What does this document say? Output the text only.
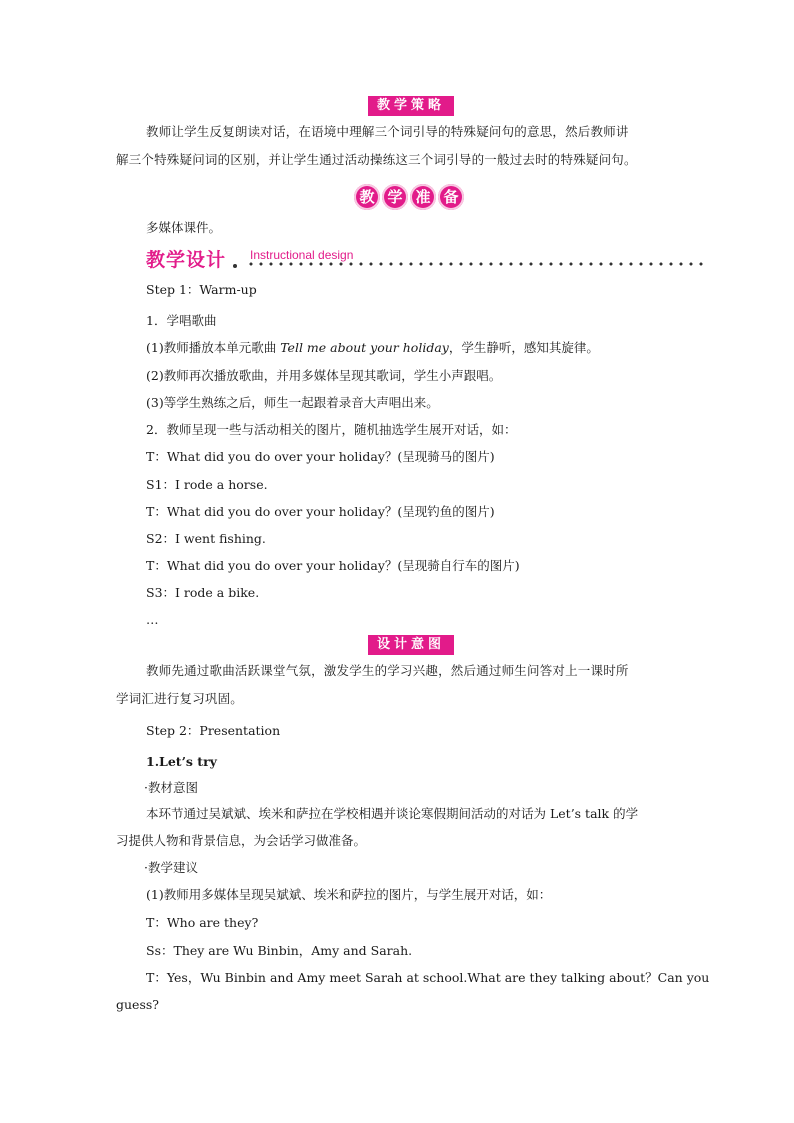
教学策略
教师让学生反复朗读对话，在语境中理解三个词引导的特殊疑问句的意思，然后教师讲
解三个特殊疑问词的区别，并让学生通过活动操练这三个词引导的一般过去时的特殊疑问句。
教 学 准 备
多媒体课件。
教学设计 Instructional design
Step 1：Warm-up
1．学唱歌曲
(1)教师播放本单元歌曲 Tell me about your holiday，学生静听，感知其旋律。
(2)教师再次播放歌曲，并用多媒体呈现其歌词，学生小声跟唱。
(3)等学生熟练之后，师生一起跟着录音大声唱出来。
2．教师呈现一些与活动相关的图片，随机抽选学生展开对话，如：
T：What did you do over your holiday？(呈现骑马的图片)
S1：I rode a horse.
T：What did you do over your holiday？(呈现钓鱼的图片)
S2：I went fishing.
T：What did you do over your holiday？(呈现骑自行车的图片)
S3：I rode a bike.
…
设计意图
教师先通过歌曲活跃课堂气氛，激发学生的学习兴趣，然后通过师生问答对上一课时所
学词汇进行复习巩固。
Step 2：Presentation
1.Let’s try
·教材意图
本环节通过吴斌斌、埃米和萨拉在学校相遇并谈论寒假期间活动的对话为 Let’s talk 的学
习提供人物和背景信息，为会话学习做准备。
·教学建议
(1)教师用多媒体呈现吴斌斌、埃米和萨拉的图片，与学生展开对话，如：
T：Who are they?
Ss：They are Wu Binbin，Amy and Sarah.
T：Yes，Wu Binbin and Amy meet Sarah at school.What are they talking about？Can you
guess?
